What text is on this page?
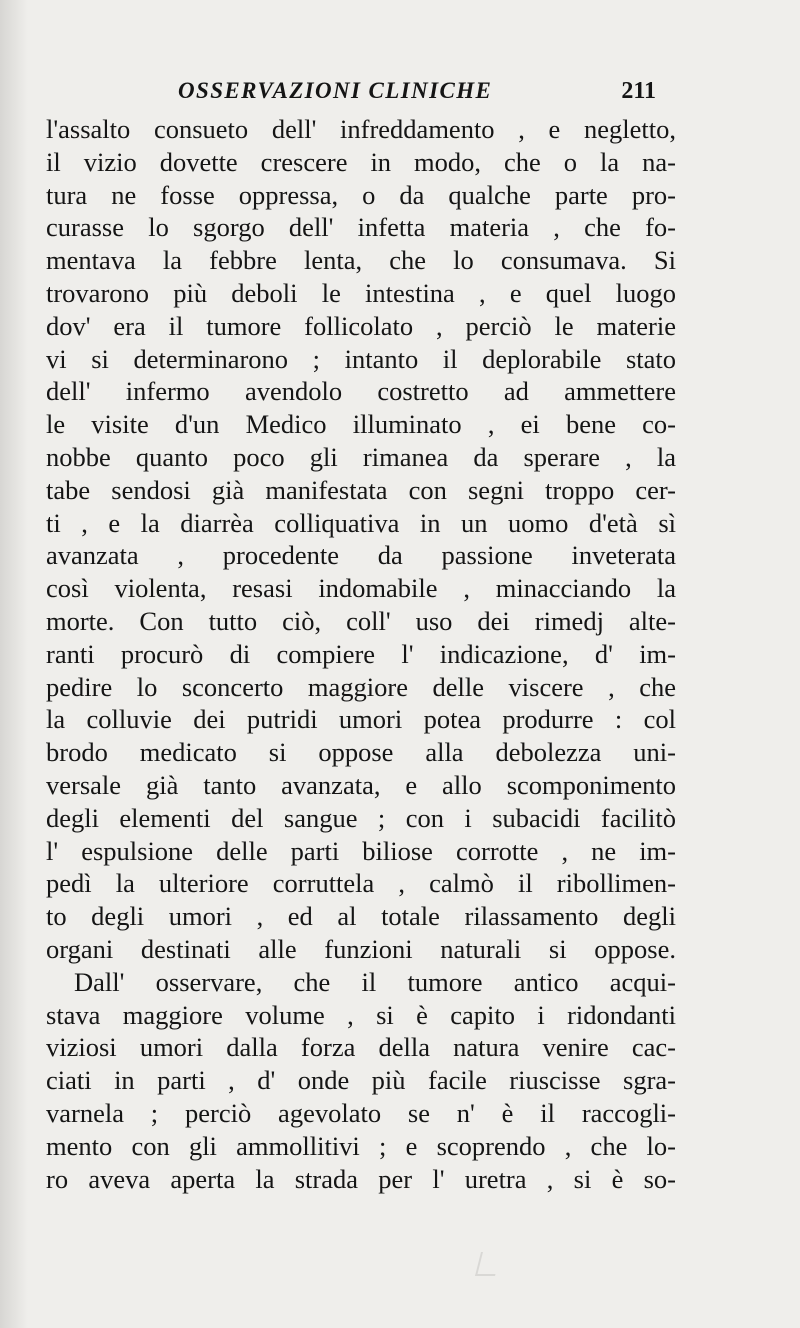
OSSERVAZIONI CLINICHE	211
l'assalto consueto dell' infreddamento , e negletto,
il vizio dovette crescere in modo, che o la na-
tura ne fosse oppressa, o da qualche parte pro-
curasse lo sgorgo dell' infetta materia , che fo-
mentava la febbre lenta, che lo consumava. Si
trovarono più deboli le intestina , e quel luogo
dov' era il tumore follicolato , perciò le materie
vi si determinarono ; intanto il deplorabile stato
dell' infermo avendolo costretto ad ammettere
le visite d'un Medico illuminato , ei bene co-
nobbe quanto poco gli rimanea da sperare , la
tabe sendosi già manifestata con segni troppo cer-
ti , e la diarrèa colliquativa in un uomo d'età sì
avanzata , procedente da passione inveterata
così violenta, resasi indomabile , minacciando la
morte. Con tutto ciò, coll' uso dei rimedj alte-
ranti procurò di compiere l' indicazione, d' im-
pedire lo sconcerto maggiore delle viscere , che
la colluvie dei putridi umori potea produrre : col
brodo medicato si oppose alla debolezza uni-
versale già tanto avanzata, e allo scomponimento
degli elementi del sangue ; con i subacidi facilitò
l' espulsione delle parti biliose corrotte , ne im-
pedì la ulteriore corruttela , calmò il ribollimen-
to degli umori , ed al totale rilassamento degli
organi destinati alle funzioni naturali si oppose.
Dall' osservare, che il tumore antico acqui-
stava maggiore volume , si è capito i ridondanti
viziosi umori dalla forza della natura venire cac-
ciati in parti , d' onde più facile riuscisse sgra-
varnela ; perciò agevolato se n' è il raccogli-
mento con gli ammollitivi ; e scoprendo , che lo-
ro aveva aperta la strada per l' uretra , si è so-
